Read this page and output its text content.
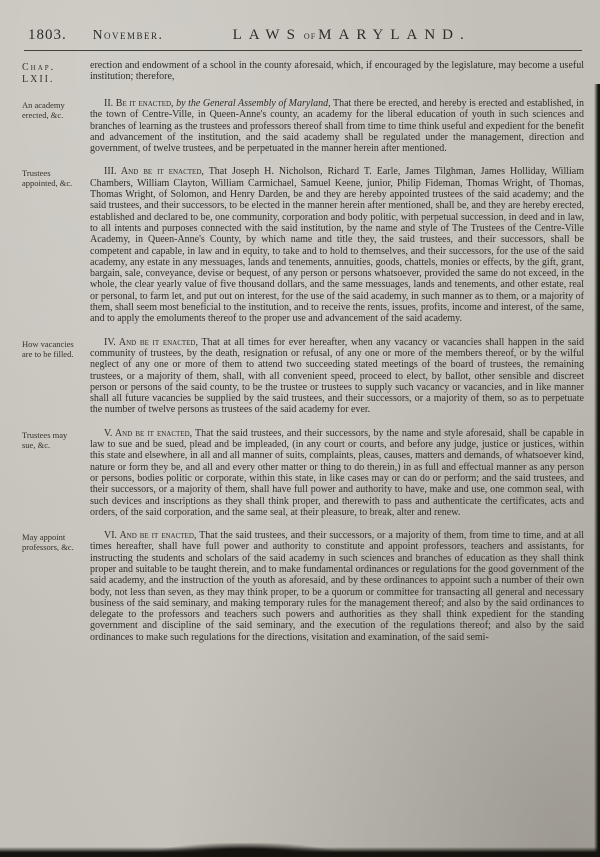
1803. November.	LAWS of MARYLAND.
Chap. LXII.

erection and endowment of a school in the county aforesaid, which, if encouraged by the legislature, may become a useful institution; therefore,

An academy erected, &c.

II. Be it enacted, by the General Assembly of Maryland, That there be erected, and hereby is erected and established, in the town of Centre-Ville, in Queen-Anne's county, an academy for the liberal education of youth in such sciences and branches of learning as the trustees and professors thereof shall from time to time think useful and expedient for the benefit and advancement of the institution, and the said academy shall be regulated under the management, direction and government, of twelve trustees, and be perpetuated in the manner herein after mentioned.

Trustees appointed, &c.

III. And be it enacted, That Joseph H. Nicholson, Richard T. Earle, James Tilghman, James Holliday, William Chambers, William Clayton, William Carmichael, Samuel Keene, junior, Philip Fideman, Thomas Wright, of Thomas, Thomas Wright, of Solomon, and Henry Darden, be and they are hereby appointed trustees of the said academy; and the said trustees, and their successors, to be elected in the manner herein after mentioned, shall be, and they are hereby erected, established and declared to be, one community, corporation and body politic, with perpetual succession, in deed and in law, to all intents and purposes connected with the said institution, by the name and style of The Trustees of the Centre-Ville Academy, in Queen-Anne's County, by which name and title they, the said trustees, and their successors, shall be competent and capable, in law and in equity, to take and to hold to themselves, and their successors, for the use of the said academy, any estate in any messuages, lands and tenements, annuities, goods, chattels, monies or effects, by the gift, grant, bargain, sale, conveyance, devise or bequest, of any person or persons whatsoever, provided the same do not exceed, in the whole, the clear yearly value of five thousand dollars, and the same messuages, lands and tenements, and other estate, real or personal, to farm let, and put out on interest, for the use of the said academy, in such manner as to them, or a majority of them, shall seem most beneficial to the institution, and to receive the rents, issues, profits, income and interest, of the same, and to apply the emoluments thereof to the proper use and advancement of the said academy.

How vacancies are to be filled.

IV. And be it enacted, That at all times for ever hereafter, when any vacancy or vacancies shall happen in the said community of trustees, by the death, resignation or refusal, of any one or more of the members thereof, or by the wilful neglect of any one or more of them to attend two succeeding stated meetings of the board of trustees, the remaining trustees, or a majority of them, shall, with all convenient speed, proceed to elect, by ballot, other sensible and discreet person or persons of the said county, to be the trustee or trustees to supply such vacancy or vacancies, and in like manner shall all future vacancies be supplied by the said trustees, and their successors, or a majority of them, so as to perpetuate the number of twelve persons as trustees of the said academy for ever.

Trustees may sue, &c.

V. And be it enacted, That the said trustees, and their successors, by the name and style aforesaid, shall be capable in law to sue and be sued, plead and be impleaded, (in any court or courts, and before any judge, justice or justices, within this state and elsewhere, in all and all manner of suits, complaints, pleas, causes, matters and demands, of whatsoever kind, nature or form they be, and all and every other matter or thing to do therein,) in as full and effectual manner as any person or persons, bodies politic or corporate, within this state, in like cases may or can do or perform; and the said trustees, and their successors, or a majority of them, shall have full power and authority to have, make and use, one common seal, with such devices and inscriptions as they shall think proper, and therewith to pass and authenticate the certificates, acts and orders, of the said corporation, and the same seal, at their pleasure, to break, alter and renew.

May appoint professors, &c.

VI. And be it enacted, That the said trustees, and their successors, or a majority of them, from time to time, and at all times hereafter, shall have full power and authority to constitute and appoint professors, teachers and assistants, for instructing the students and scholars of the said academy in such sciences and branches of education as they shall think proper and suitable to be taught therein, and to make fundamental ordinances or regulations for the good government of the said academy, and the instruction of the youth as aforesaid, and by these ordinances to appoint such a number of their own body, not less than seven, as they may think proper, to be a quorum or committee for transacting all general and necessary business of the said seminary, and making temporary rules for the management thereof; and also by the said ordinances to delegate to the professors and teachers such powers and authorities as they shall think expedient for the standing government and discipline of the said seminary, and the execution of the regulations thereof; and also by the said ordinances to make such regulations for the directions, visitation and examination, of the said semi-
